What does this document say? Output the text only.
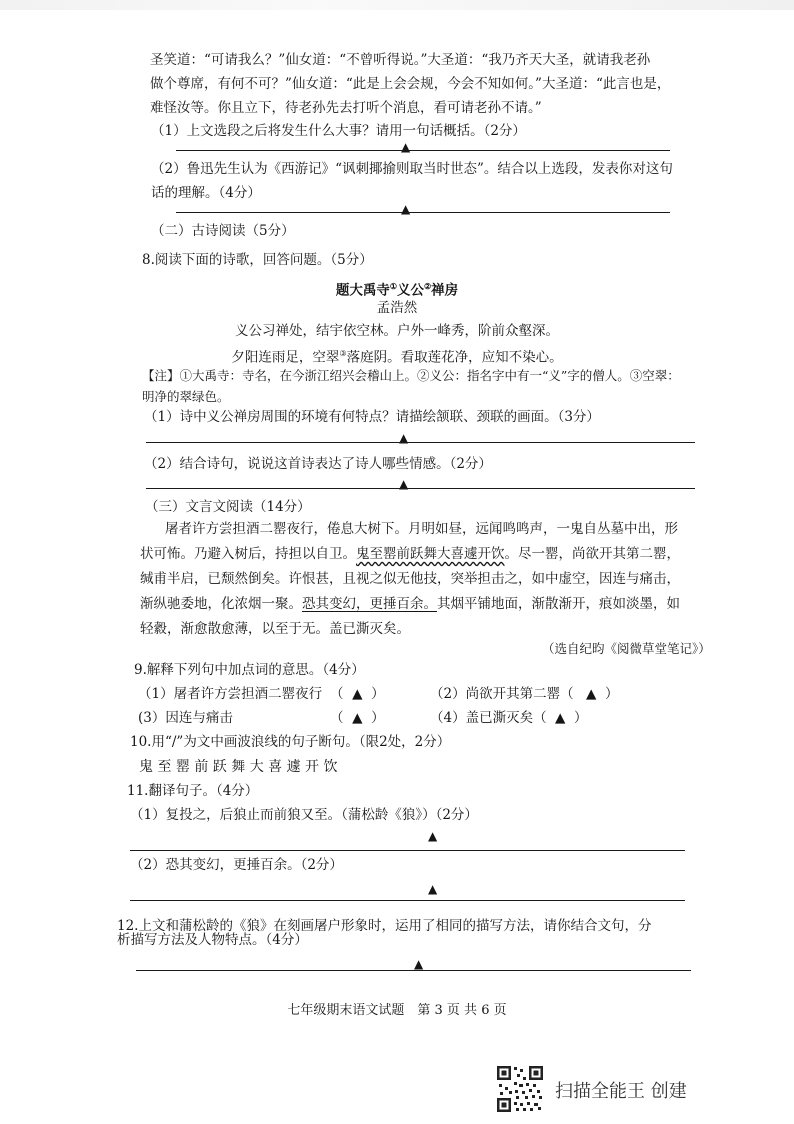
圣笑道：“可请我么？”仙女道：“不曾听得说。”大圣道：“我乃齐天大圣，就请我老孙
做个尊席，有何不可？”仙女道：“此是上会会规，今会不知如何。”大圣道：“此言也是，
难怪汝等。你且立下，待老孙先去打听个消息，看可请老孙不请。”
（1）上文选段之后将发生什么大事？请用一句话概括。（2分）
▲
（2）鲁迅先生认为《西游记》“讽刺揶揄则取当时世态”。结合以上选段，发表你对这句
话的理解。（4分）
▲
（二）古诗阅读（5分）
8.阅读下面的诗歌，回答问题。（5分）
题大禹寺①义公②禅房
孟浩然
义公习禅处，结宇依空林。户外一峰秀，阶前众壑深。
夕阳连雨足，空翠③落庭阴。看取莲花净，应知不染心。
【注】①大禹寺：寺名，在今浙江绍兴会稽山上。②义公：指名字中有一“义”字的僧人。③空翠：
明净的翠绿色。
（1）诗中义公禅房周围的环境有何特点？请描绘颔联、颈联的画面。（3分）
▲
（2）结合诗句，说说这首诗表达了诗人哪些情感。（2分）
▲
（三）文言文阅读（14分）
屠者许方尝担酒二罂夜行，倦息大树下。月明如昼，远闻鸣鸣声，一鬼自丛墓中出，形
状可怖。乃避入树后，持担以自卫。鬼至罂前跃舞大喜遽开饮。尽一罂，尚欲开其第二罂，
缄甫半启，已颓然倒矣。许恨甚，且视之似无他技，突举担击之，如中虚空，因连与痛击，
渐纵驰委地，化浓烟一聚。恐其变幻，更捶百余。其烟平铺地面，渐散渐开，痕如淡墨，如
轻縠，渐愈散愈薄，以至于无。盖已澌灭矣。
（选自纪昀《阅微草堂笔记》）
9.解释下列句中加点词的意思。（4分）
（1）屠者许方尝担酒二罂夜行 （ ▲ ）	（2）尚欲开其第二罂（ ▲ ）
(3）因连与痛击	（ ▲ ）	（4）盖已澌灭矣（ ▲ ）
10.用“/”为文中画波浪线的句子断句。（限2处，2分）
鬼 至 罂 前 跃 舞 大 喜 遽 开 饮
11.翻译句子。（4分）
（1）复投之，后狼止而前狼又至。（蒲松龄《狼》）（2分）
▲
（2）恐其变幻，更捶百余。（2分）
▲
12.上文和蒲松龄的《狼》在刻画屠户形象时，运用了相同的描写方法，请你结合文句，分
析描写方法及人物特点。（4分）
▲
七年级期末语文试题　第 3 页 共 6 页
扫描全能王 创建
